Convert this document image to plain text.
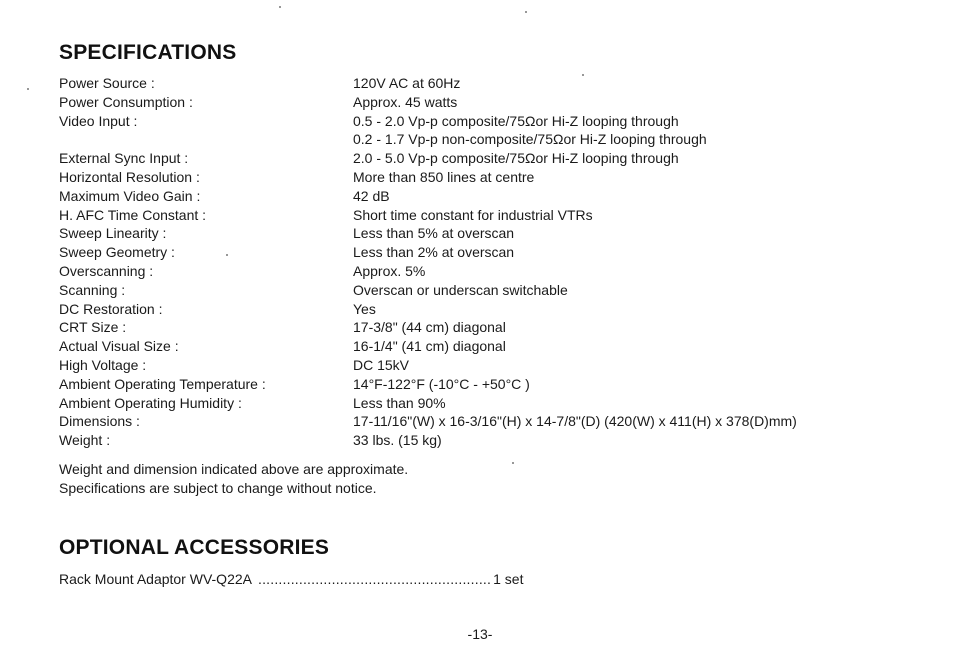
SPECIFICATIONS
Power Source :	120V AC at 60Hz
Power Consumption :	Approx. 45 watts
Video Input :	0.5 - 2.0 Vp-p composite/75Ωor Hi-Z looping through
0.2 - 1.7 Vp-p non-composite/75Ωor Hi-Z looping through
External Sync Input :	2.0 - 5.0 Vp-p composite/75Ωor Hi-Z looping through
Horizontal Resolution :	More than 850 lines at centre
Maximum Video Gain :	42 dB
H. AFC Time Constant :	Short time constant for industrial VTRs
Sweep Linearity :	Less than 5% at overscan
Sweep Geometry :	Less than 2% at overscan
Overscanning :	Approx. 5%
Scanning :	Overscan or underscan switchable
DC Restoration :	Yes
CRT Size :	17-3/8" (44 cm) diagonal
Actual Visual Size :	16-1/4" (41 cm) diagonal
High Voltage :	DC 15kV
Ambient Operating Temperature :	14°F-122°F (-10°C - +50°C )
Ambient Operating Humidity :	Less than 90%
Dimensions :	17-11/16"(W) x 16-3/16"(H) x 14-7/8"(D) (420(W) x 411(H) x 378(D)mm)
Weight :	33 lbs. (15 kg)
Weight and dimension indicated above are approximate.
Specifications are subject to change without notice.
OPTIONAL ACCESSORIES
Rack Mount Adaptor WV-Q22A ......................................................... 1 set
-13-
